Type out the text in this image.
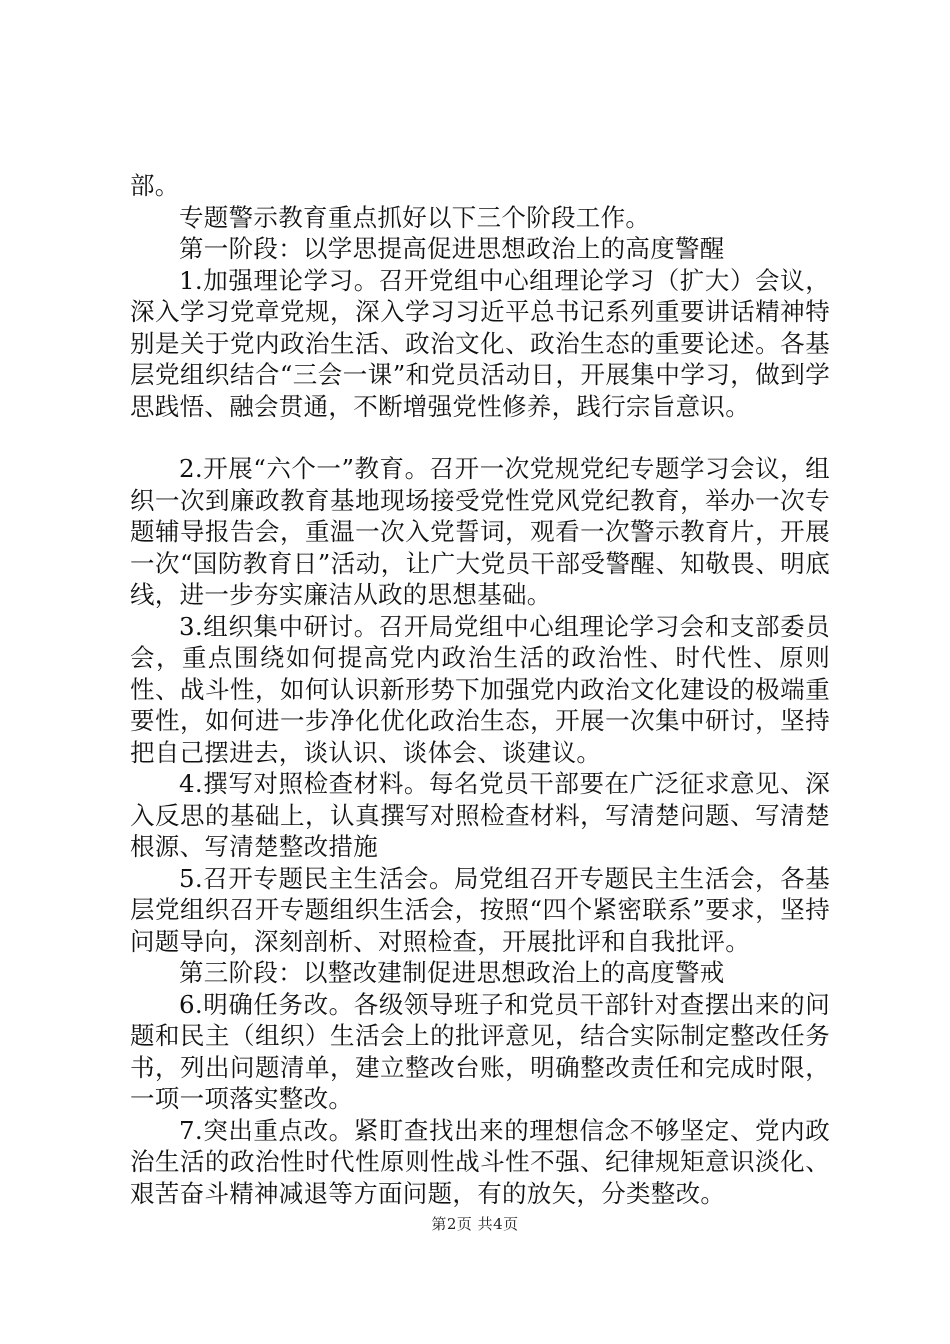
部。

专题警示教育重点抓好以下三个阶段工作。

第一阶段：以学思提高促进思想政治上的高度警醒

1.加强理论学习。召开党组中心组理论学习（扩大）会议，深入学习党章党规，深入学习习近平总书记系列重要讲话精神特别是关于党内政治生活、政治文化、政治生态的重要论述。各基层党组织结合“三会一课”和党员活动日，开展集中学习，做到学思践悟、融会贯通，不断增强党性修养，践行宗旨意识。

2.开展“六个一”教育。召开一次党规党纪专题学习会议，组织一次到廉政教育基地现场接受党性党风党纪教育，举办一次专题辅导报告会，重温一次入党誓词，观看一次警示教育片，开展一次“国防教育日”活动，让广大党员干部受警醒、知敬畏、明底线，进一步夯实廉洁从政的思想基础。

3.组织集中研讨。召开局党组中心组理论学习会和支部委员会，重点围绕如何提高党内政治生活的政治性、时代性、原则性、战斗性，如何认识新形势下加强党内政治文化建设的极端重要性，如何进一步净化优化政治生态，开展一次集中研讨，坚持把自己摆进去，谈认识、谈体会、谈建议。

4.撰写对照检查材料。每名党员干部要在广泛征求意见、深入反思的基础上，认真撰写对照检查材料，写清楚问题、写清楚根源、写清楚整改措施

5.召开专题民主生活会。局党组召开专题民主生活会，各基层党组织召开专题组织生活会，按照“四个紧密联系”要求，坚持问题导向，深刻剖析、对照检查，开展批评和自我批评。

第三阶段：以整改建制促进思想政治上的高度警戒

6.明确任务改。各级领导班子和党员干部针对查摆出来的问题和民主（组织）生活会上的批评意见，结合实际制定整改任务书，列出问题清单，建立整改台账，明确整改责任和完成时限，一项一项落实整改。

7.突出重点改。紧盯查找出来的理想信念不够坚定、党内政治生活的政治性时代性原则性战斗性不强、纪律规矩意识淡化、艰苦奋斗精神减退等方面问题，有的放矢，分类整改。

第2页 共4页
